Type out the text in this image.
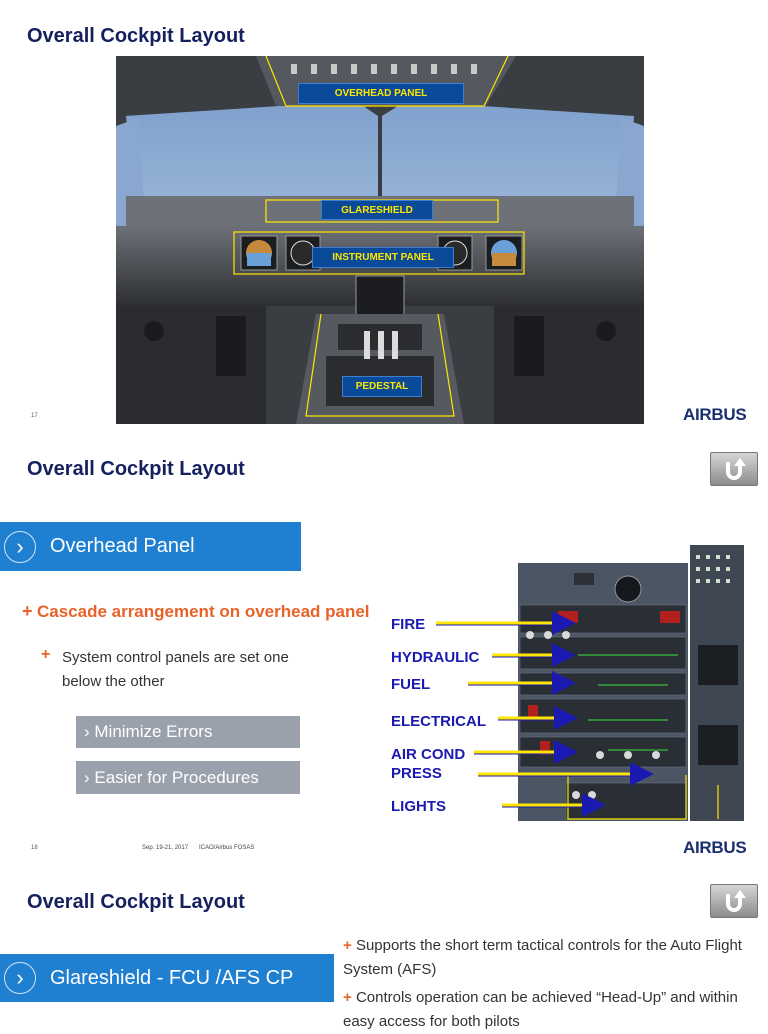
Overall Cockpit Layout
OVERHEAD PANEL
GLARESHIELD
INSTRUMENT PANEL
PEDESTAL
17	AIRBUS
Overall Cockpit Layout
›	Overhead Panel
+ Cascade arrangement on overhead panel
+ System control panels are set one below the other
› Minimize Errors
› Easier for Procedures
FIRE
HYDRAULIC
FUEL
ELECTRICAL
AIR COND
PRESS
LIGHTS
18	Sep. 19-21, 2017 ICAO/Airbus FOSAS	AIRBUS
Overall Cockpit Layout
›	Glareshield - FCU /AFS CP
+ Supports the short term tactical controls for the Auto Flight System (AFS)
+ Controls operation can be achieved “Head-Up” and within easy access for both pilots
